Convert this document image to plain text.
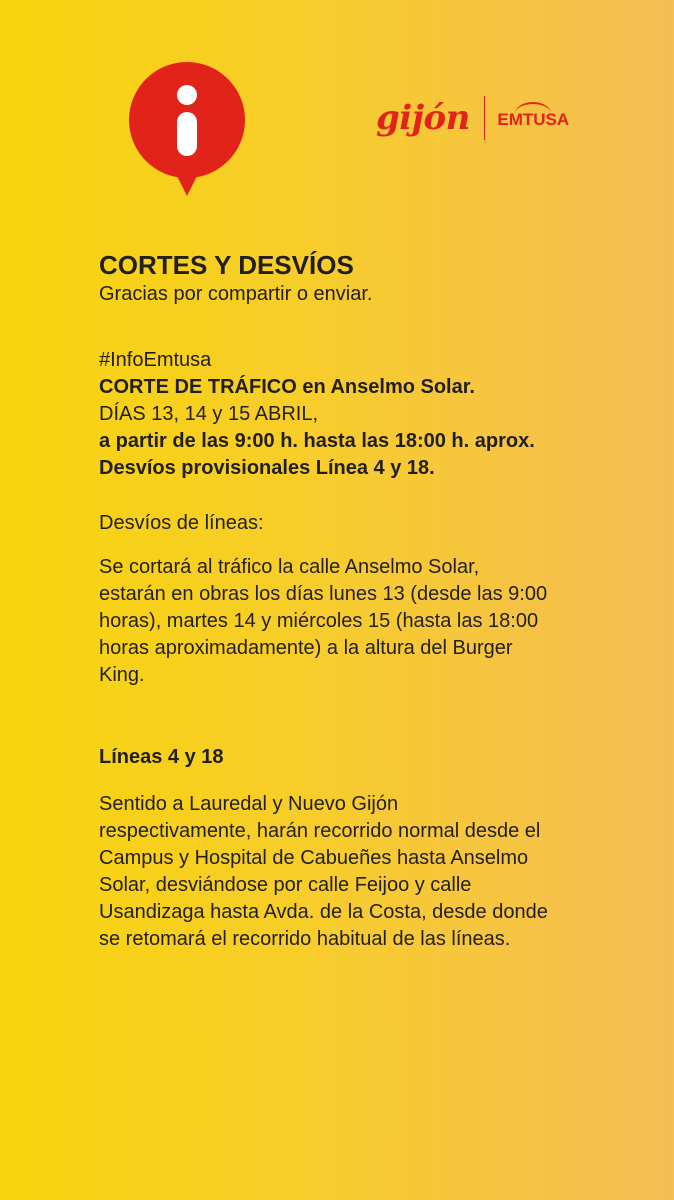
gijón EMTUSA
CORTES Y DESVÍOS

Gracias por compartir o enviar.

#InfoEmtusa

CORTE DE TRÁFICO en Anselmo Solar.

DÍAS 13, 14 y 15 ABRIL,

a partir de las 9:00 h. hasta las 18:00 h. aprox.

Desvíos provisionales Línea 4 y 18.

Desvíos de líneas:

Se cortará al tráfico la calle Anselmo Solar,

estarán en obras los días lunes 13 (desde las 9:00

horas), martes 14 y miércoles 15 (hasta las 18:00

horas aproximadamente) a la altura del Burger

King.

Líneas 4 y 18

Sentido a Lauredal y Nuevo Gijón

respectivamente, harán recorrido normal desde el

Campus y Hospital de Cabueñes hasta Anselmo

Solar, desviándose por calle Feijoo y calle

Usandizaga hasta Avda. de la Costa, desde donde

se retomará el recorrido habitual de las líneas.
